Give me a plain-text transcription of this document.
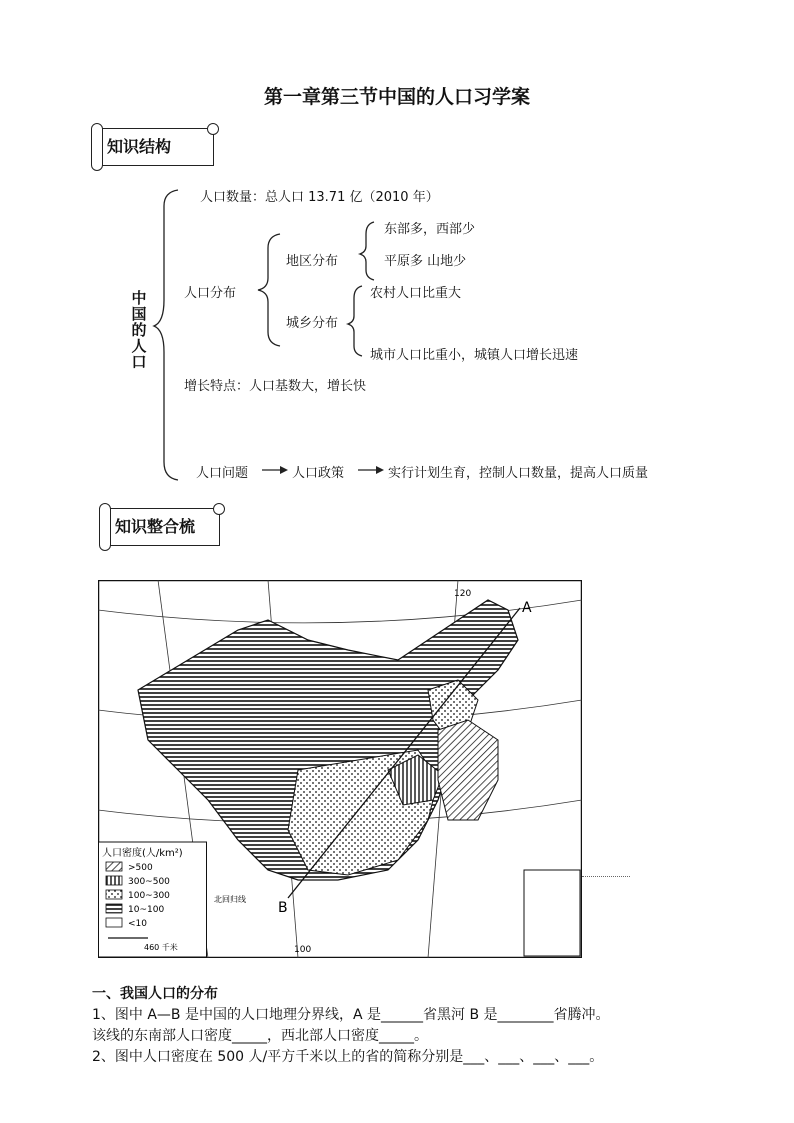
第一章第三节中国的人口习学案
知识结构
中国的人口
人口数量：总人口 13.71 亿（2010 年）
人口分布
地区分布
东部多，西部少
平原多 山地少
城乡分布
农村人口比重大
城市人口比重小，城镇人口增长迅速
增长特点：人口基数大，增长快
人口问题	人口政策	实行计划生育，控制人口数量，提高人口质量
知识整合梳
A
B
120
100
北回归线
人口密度(人/km²)
>500
300~500
100~300
10~100
<10
460 千米
一、我国人口的分布
1、图中 A—B 是中国的人口地理分界线，A 是______省黑河 B 是________省腾冲。
该线的东南部人口密度_____，西北部人口密度_____。
2、图中人口密度在 500 人/平方千米以上的省的简称分别是___、___、___、___。
